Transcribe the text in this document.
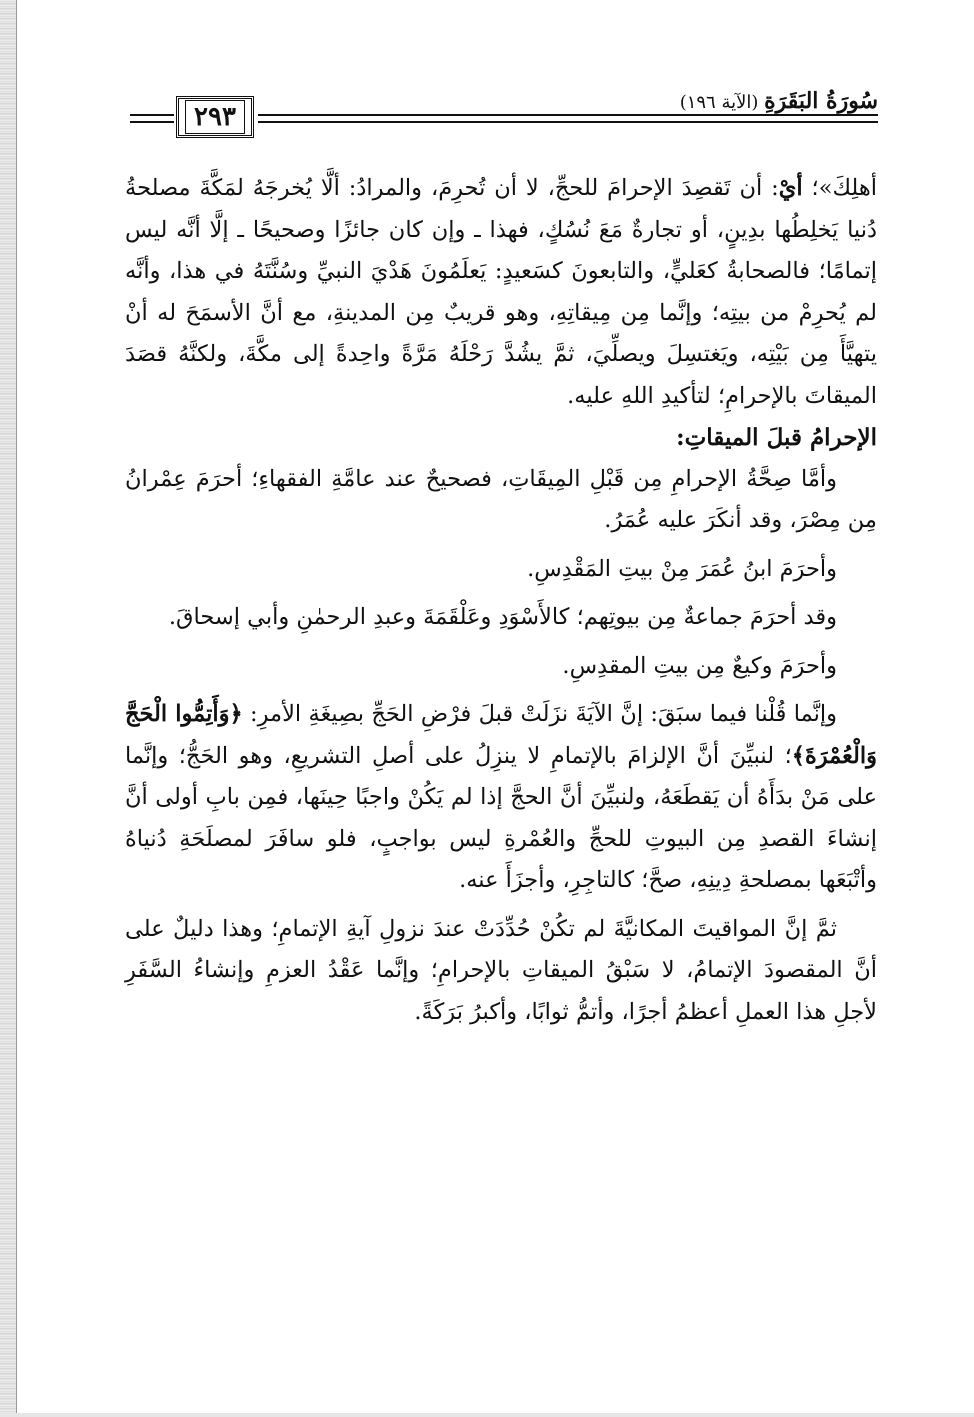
٢٩٣
سُورَةُ البَقَرَةِ (الآية ١٩٦)

أهلِكَ»؛ أيْ: أن تَقصِدَ الإحرامَ للحجِّ، لا أن تُحرِمَ، والمرادُ: ألَّا يُخرجَهُ لمَكَّةَ مصلحةُ دُنيا يَخلِطُها بدِينٍ، أو تجارةٌ مَعَ نُسُكٍ، فهذا ـ وإن كان جائزًا وصحيحًا ـ إلَّا أنَّه ليس إتمامًا؛ فالصحابةُ كعَليٍّ، والتابعونَ كسَعيدٍ: يَعلَمُونَ هَدْيَ النبيِّ وسُنَّتَهُ في هذا، وأنَّه لم يُحرِمْ من بيتِه؛ وإنَّما مِن مِيقاتِهِ، وهو قريبٌ مِن المدينةِ، مع أنَّ الأسمَحَ له أنْ يتهيَّأَ مِن بَيْتِه، ويَغتسِلَ ويصلِّيَ، ثمَّ يشُدَّ رَحْلَهُ مَرَّةً واحِدةً إلى مكَّةَ، ولكنَّهُ قصَدَ الميقاتَ بالإحرامِ؛ لتأكيدِ اللهِ عليه.

الإحرامُ قبلَ الميقاتِ:

وأمَّا صِحَّةُ الإحرامِ مِن قَبْلِ المِيقَاتِ، فصحيحٌ عند عامَّةِ الفقهاءِ؛ أحرَمَ عِمْرانُ مِن مِصْرَ، وقد أنكَرَ عليه عُمَرُ.

وأحرَمَ ابنُ عُمَرَ مِنْ بيتِ المَقْدِسِ.

وقد أحرَمَ جماعةٌ مِن بيوتِهم؛ كالأَسْوَدِ وعَلْقَمَةَ وعبدِ الرحمٰنِ وأبي إسحاقَ.

وأحرَمَ وكيعٌ مِن بيتِ المقدِسِ.

وإنَّما قُلْنا فيما سبَقَ: إنَّ الآيَةَ نزَلَتْ قبلَ فرْضِ الحَجِّ بصِيغَةِ الأمرِ: ﴿وَأَتِمُّوا الْحَجَّ وَالْعُمْرَةَ﴾؛ لنبيِّنَ أنَّ الإلزامَ بالإتمامِ لا ينزِلُ على أصلِ التشريعِ، وهو الحَجُّ؛ وإنَّما على مَنْ بدَأَهُ أن يَقطَعَهُ، ولنبيِّنَ أنَّ الحجَّ إذا لم يَكُنْ واجبًا حِينَها، فمِن بابِ أولى أنَّ إنشاءَ القصدِ مِن البيوتِ للحجِّ والعُمْرةِ ليس بواجبٍ، فلو سافَرَ لمصلَحَةِ دُنياهُ وأتْبَعَها بمصلحةِ دِينِهِ، صحَّ؛ كالتاجِرِ، وأجزَأَ عنه.

ثمَّ إنَّ المواقيتَ المكانيَّةَ لم تكُنْ حُدِّدَتْ عندَ نزولِ آيةِ الإتمامِ؛ وهذا دليلٌ على أنَّ المقصودَ الإتمامُ، لا سَبْقُ الميقاتِ بالإحرامِ؛ وإنَّما عَقْدُ العزمِ وإنشاءُ السَّفَرِ لأجلِ هذا العملِ أعظمُ أجرًا، وأتمُّ ثوابًا، وأكبرُ بَرَكَةً.
